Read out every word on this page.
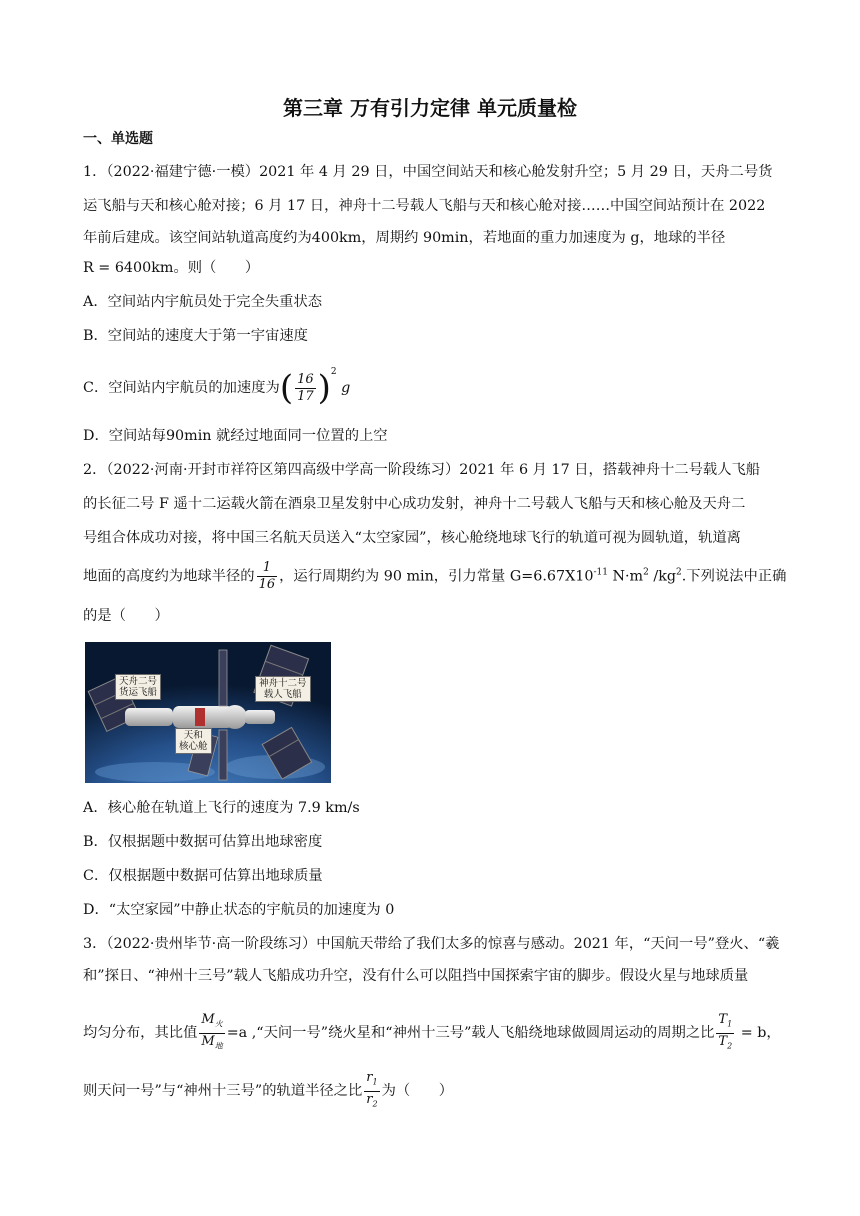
第三章 万有引力定律 单元质量检
一、单选题
1．（2022·福建宁德·一模）2021 年 4 月 29 日，中国空间站天和核心舱发射升空；5 月 29 日，天舟二号货
运飞船与天和核心舱对接；6 月 17 日，神舟十二号载人飞船与天和核心舱对接……中国空间站预计在 2022
年前后建成。该空间站轨道高度约为400km，周期约 90min，若地面的重力加速度为 g，地球的半径
R = 6400km。则（　　）
A．空间站内宇航员处于完全失重状态
B．空间站的速度大于第一宇宙速度
C．空间站内宇航员的加速度为( $\frac{16}{17} )^2$ g
D．空间站每90min 就经过地面同一位置的上空
2．（2022·河南·开封市祥符区第四高级中学高一阶段练习）2021 年 6 月 17 日，搭载神舟十二号载人飞船
的长征二号 F 遥十二运载火箭在酒泉卫星发射中心成功发射，神舟十二号载人飞船与天和核心舱及天舟二
号组合体成功对接，将中国三名航天员送入“太空家园”，核心舱绕地球飞行的轨道可视为圆轨道，轨道离
地面的高度约为地球半径的 $\frac{1}{16}$ ，运行周期约为 90 min，引力常量 $G=6.67X10^{-11}$ $N\cdot m^2$ $/kg^2$.下列说法中正确
的是（　　）
天舟二号
货运飞船
神舟十二号
载人飞船
天和
核心舱
A．核心舱在轨道上飞行的速度为 7.9 km/s
B．仅根据题中数据可估算出地球密度
C．仅根据题中数据可估算出地球质量
D．“太空家园”中静止状态的宇航员的加速度为 0
3．（2022·贵州毕节·高一阶段练习）中国航天带给了我们太多的惊喜与感动。2021 年，“天问一号”登火、“羲
和”探日、“神州十三号”载人飞船成功升空，没有什么可以阻挡中国探索宇宙的脚步。假设火星与地球质量
均匀分布，其比值 $\frac{M_火}{M_地} =a$ ,“天问一号”绕火星和“神州十三号”载人飞船绕地球做圆周运动的周期之比 $\frac{T_1}{T_2} = b$，
则天问一号”与“神州十三号”的轨道半径之比 $\frac{r_1}{r_2}$ 为（　　）
